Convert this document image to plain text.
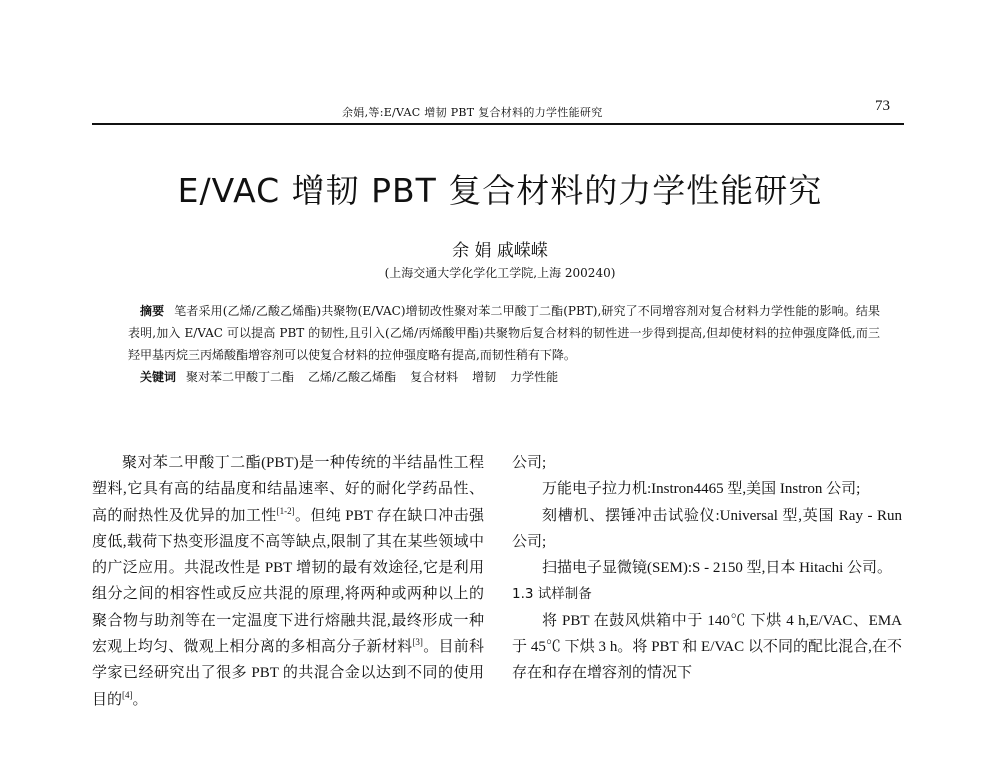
余娟,等:E/VAC 增韧 PBT 复合材料的力学性能研究	73
E/VAC 增韧 PBT 复合材料的力学性能研究
余 娟 戚嵘嵘
(上海交通大学化学化工学院,上海 200240)

摘要 笔者采用(乙烯/乙酸乙烯酯)共聚物(E/VAC)增韧改性聚对苯二甲酸丁二酯(PBT),研究了不同增容剂对复合材料力学性能的影响。结果表明,加入 E/VAC 可以提高 PBT 的韧性,且引入(乙烯/丙烯酸甲酯)共聚物后复合材料的韧性进一步得到提高,但却使材料的拉伸强度降低,而三羟甲基丙烷三丙烯酸酯增容剂可以使复合材料的拉伸强度略有提高,而韧性稍有下降。

关键词 聚对苯二甲酸丁二酯 乙烯/乙酸乙烯酯 复合材料 增韧 力学性能

聚对苯二甲酸丁二酯(PBT)是一种传统的半结晶性工程塑料,它具有高的结晶度和结晶速率、好的耐化学药品性、高的耐热性及优异的加工性[1-2]。但纯 PBT 存在缺口冲击强度低,载荷下热变形温度不高等缺点,限制了其在某些领域中的广泛应用。共混改性是 PBT 增韧的最有效途径,它是利用组分之间的相容性或反应共混的原理,将两种或两种以上的聚合物与助剂等在一定温度下进行熔融共混,最终形成一种宏观上均匀、微观上相分离的多相高分子新材料[3]。目前科学家已经研究出了很多 PBT 的共混合金以达到不同的使用目的[4]。

公司;

万能电子拉力机:Instron4465 型,美国 Instron 公司;

刻槽机、摆锤冲击试验仪:Universal 型,英国 Ray - Run 公司;

扫描电子显微镜(SEM):S - 2150 型,日本 Hitachi 公司。

1.3 试样制备

将 PBT 在鼓风烘箱中于 140℃ 下烘 4 h,E/VAC、EMA 于 45℃ 下烘 3 h。将 PBT 和 E/VAC 以不同的配比混合,在不存在和存在增容剂的情况下
